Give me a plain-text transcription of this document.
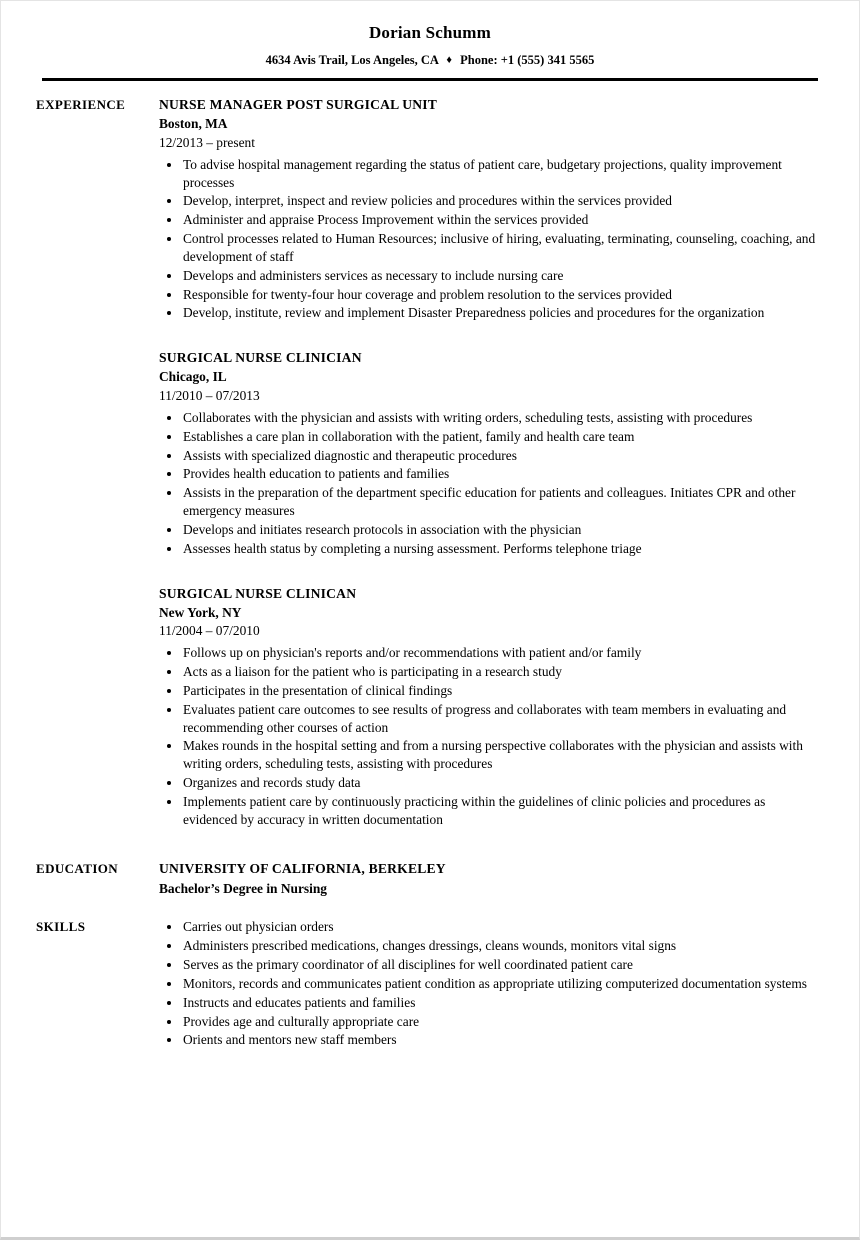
Dorian Schumm
4634 Avis Trail, Los Angeles, CA ♦ Phone: +1 (555) 341 5565
EXPERIENCE	NURSE MANAGER POST SURGICAL UNIT
Boston, MA
12/2013 – present
• To advise hospital management regarding the status of patient care, budgetary projections, quality improvement processes
• Develop, interpret, inspect and review policies and procedures within the services provided
• Administer and appraise Process Improvement within the services provided
• Control processes related to Human Resources; inclusive of hiring, evaluating, terminating, counseling, coaching, and development of staff
• Develops and administers services as necessary to include nursing care
• Responsible for twenty-four hour coverage and problem resolution to the services provided
• Develop, institute, review and implement Disaster Preparedness policies and procedures for the organization
SURGICAL NURSE CLINICIAN
Chicago, IL
11/2010 – 07/2013
• Collaborates with the physician and assists with writing orders, scheduling tests, assisting with procedures
• Establishes a care plan in collaboration with the patient, family and health care team
• Assists with specialized diagnostic and therapeutic procedures
• Provides health education to patients and families
• Assists in the preparation of the department specific education for patients and colleagues. Initiates CPR and other emergency measures
• Develops and initiates research protocols in association with the physician
• Assesses health status by completing a nursing assessment. Performs telephone triage
SURGICAL NURSE CLINICAN
New York, NY
11/2004 – 07/2010
• Follows up on physician's reports and/or recommendations with patient and/or family
• Acts as a liaison for the patient who is participating in a research study
• Participates in the presentation of clinical findings
• Evaluates patient care outcomes to see results of progress and collaborates with team members in evaluating and recommending other courses of action
• Makes rounds in the hospital setting and from a nursing perspective collaborates with the physician and assists with writing orders, scheduling tests, assisting with procedures
• Organizes and records study data
• Implements patient care by continuously practicing within the guidelines of clinic policies and procedures as evidenced by accuracy in written documentation
EDUCATION	UNIVERSITY OF CALIFORNIA, BERKELEY
Bachelor’s Degree in Nursing
SKILLS	• Carries out physician orders
• Administers prescribed medications, changes dressings, cleans wounds, monitors vital signs
• Serves as the primary coordinator of all disciplines for well coordinated patient care
• Monitors, records and communicates patient condition as appropriate utilizing computerized documentation systems
• Instructs and educates patients and families
• Provides age and culturally appropriate care
• Orients and mentors new staff members
